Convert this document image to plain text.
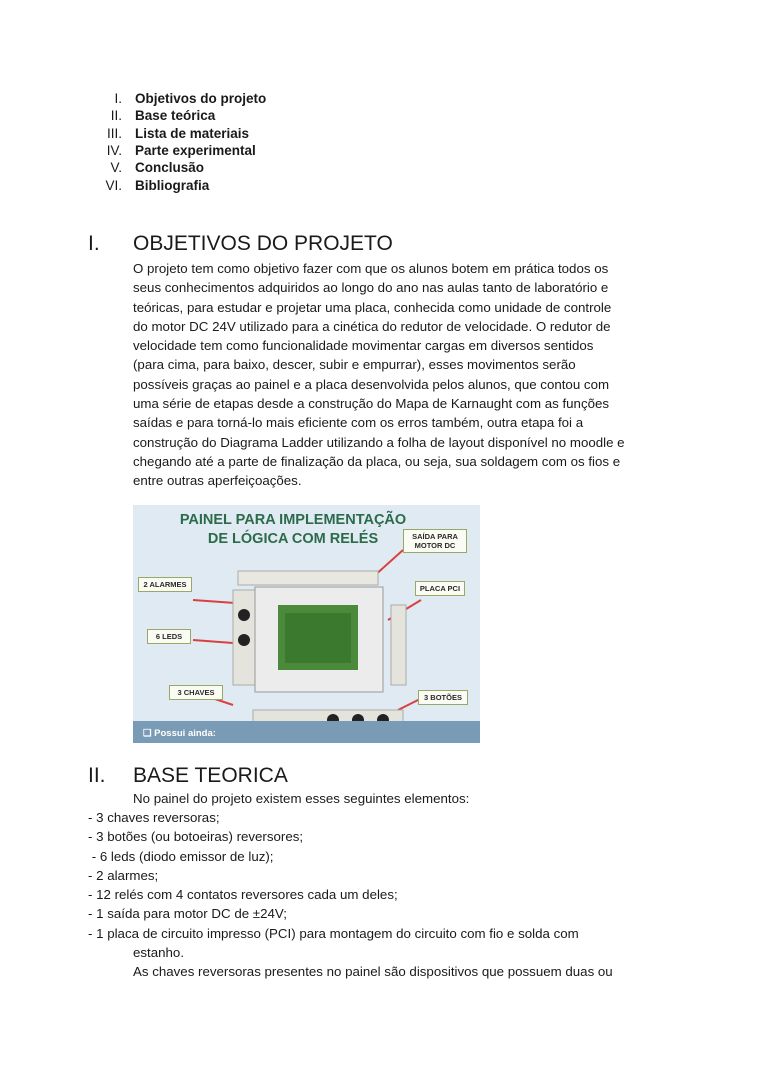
I. Objetivos do projeto
II. Base teórica
III. Lista de materiais
IV. Parte experimental
V. Conclusão
VI. Bibliografia
I.	OBJETIVOS DO PROJETO
O projeto tem como objetivo fazer com que os alunos botem em prática todos os
seus conhecimentos adquiridos ao longo do ano nas aulas tanto de laboratório e
teóricas, para estudar e projetar uma placa, conhecida como unidade de controle
do motor DC 24V utilizado para a cinética do redutor de velocidade. O redutor de
velocidade tem como funcionalidade movimentar cargas em diversos sentidos
(para cima, para baixo, descer, subir e empurrar), esses movimentos serão
possíveis graças ao painel e a placa desenvolvida pelos alunos, que contou com
uma série de etapas desde a construção do Mapa de Karnaught com as funções
saídas e para torná-lo mais eficiente com os erros também, outra etapa foi a
construção do Diagrama Ladder utilizando a folha de layout disponível no moodle e
chegando até a parte de finalização da placa, ou seja, sua soldagem com os fios e
entre outras aperfeiçoações.
PAINEL PARA IMPLEMENTAÇÃO
DE LÓGICA COM RELÉS	SAÍDA PARA MOTOR DC
2 ALARMES	PLACA PCI
6 LEDS
3 CHAVES
3 BOTÕES
❑ Possui ainda:
II.	BASE TEORICA
No painel do projeto existem esses seguintes elementos:
- 3 chaves reversoras;
- 3 botões (ou botoeiras) reversores;
- 6 leds (diodo emissor de luz);
- 2 alarmes;
- 12 relés com 4 contatos reversores cada um deles;
- 1 saída para motor DC de ±24V;
- 1 placa de circuito impresso (PCI) para montagem do circuito com fio e solda com
estanho.
As chaves reversoras presentes no painel são dispositivos que possuem duas ou
